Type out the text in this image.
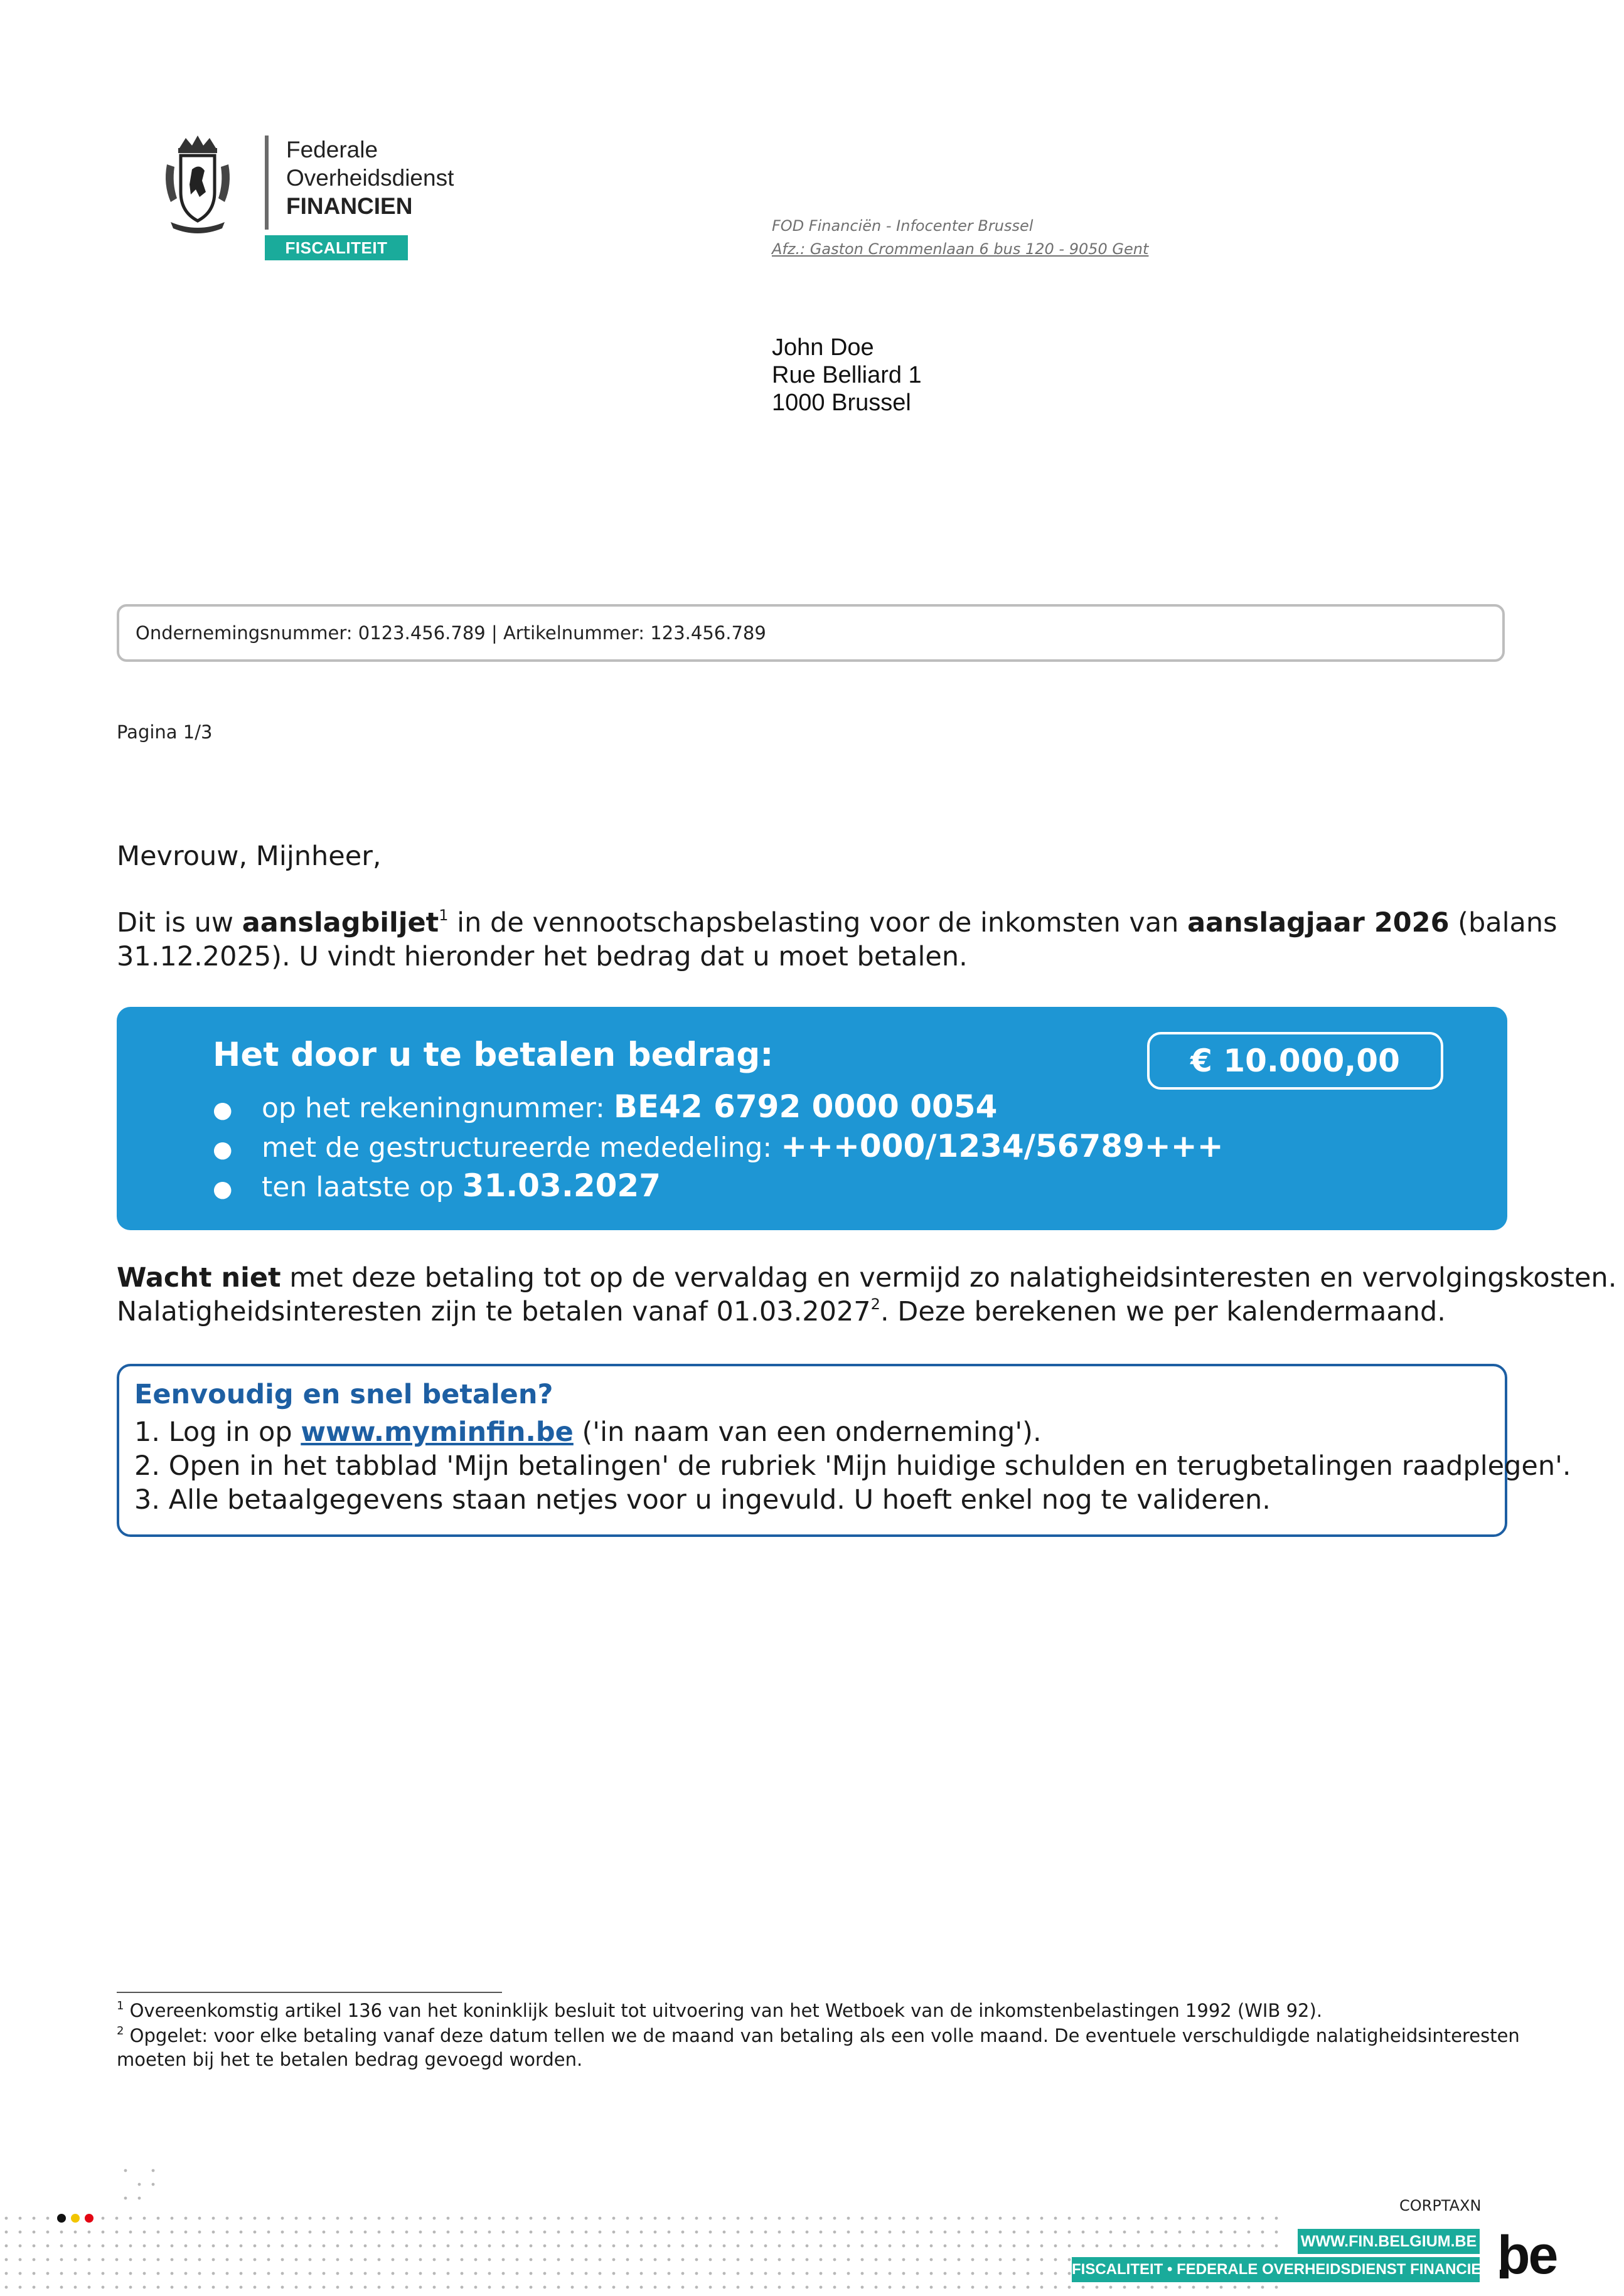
Federale
Overheidsdienst
FINANCIEN
FISCALITEIT
FOD Financiën - Infocenter Brussel
Afz.: Gaston Crommenlaan 6 bus 120 - 9050 Gent
John Doe
Rue Belliard 1
1000 Brussel
Ondernemingsnummer: 0123.456.789 | Artikelnummer: 123.456.789
Pagina 1/3
Mevrouw, Mijnheer,
Dit is uw aanslagbiljet$^1$ in de vennootschapsbelasting voor de inkomsten van aanslagjaar 2026 (balans
31.12.2025). U vindt hieronder het bedrag dat u moet betalen.
Het door u te betalen bedrag:	€ 10.000,00
● op het rekeningnummer: BE42 6792 0000 0054
● met de gestructureerde mededeling: +++000/1234/56789+++
● ten laatste op 31.03.2027
Wacht niet met deze betaling tot op de vervaldag en vermijd zo nalatigheidsinteresten en vervolgingskosten.
Nalatigheidsinteresten zijn te betalen vanaf 01.03.2027$^2$. Deze berekenen we per kalendermaand.
Eenvoudig en snel betalen?
1. Log in op www.myminfin.be ('in naam van een onderneming').
2. Open in het tabblad 'Mijn betalingen' de rubriek 'Mijn huidige schulden en terugbetalingen raadplegen'.
3. Alle betaalgegevens staan netjes voor u ingevuld. U hoeft enkel nog te valideren.
$^1$ Overeenkomstig artikel 136 van het koninklijk besluit tot uitvoering van het Wetboek van de inkomstenbelastingen 1992 (WIB 92).
$^2$ Opgelet: voor elke betaling vanaf deze datum tellen we de maand van betaling als een volle maand. De eventuele verschuldigde nalatigheidsinteresten
moeten bij het te betalen bedrag gevoegd worden.
CORPTAXN
WWW.FIN.BELGIUM.BE
FISCALITEIT • FEDERALE OVERHEIDSDIENST FINANCIEN be
